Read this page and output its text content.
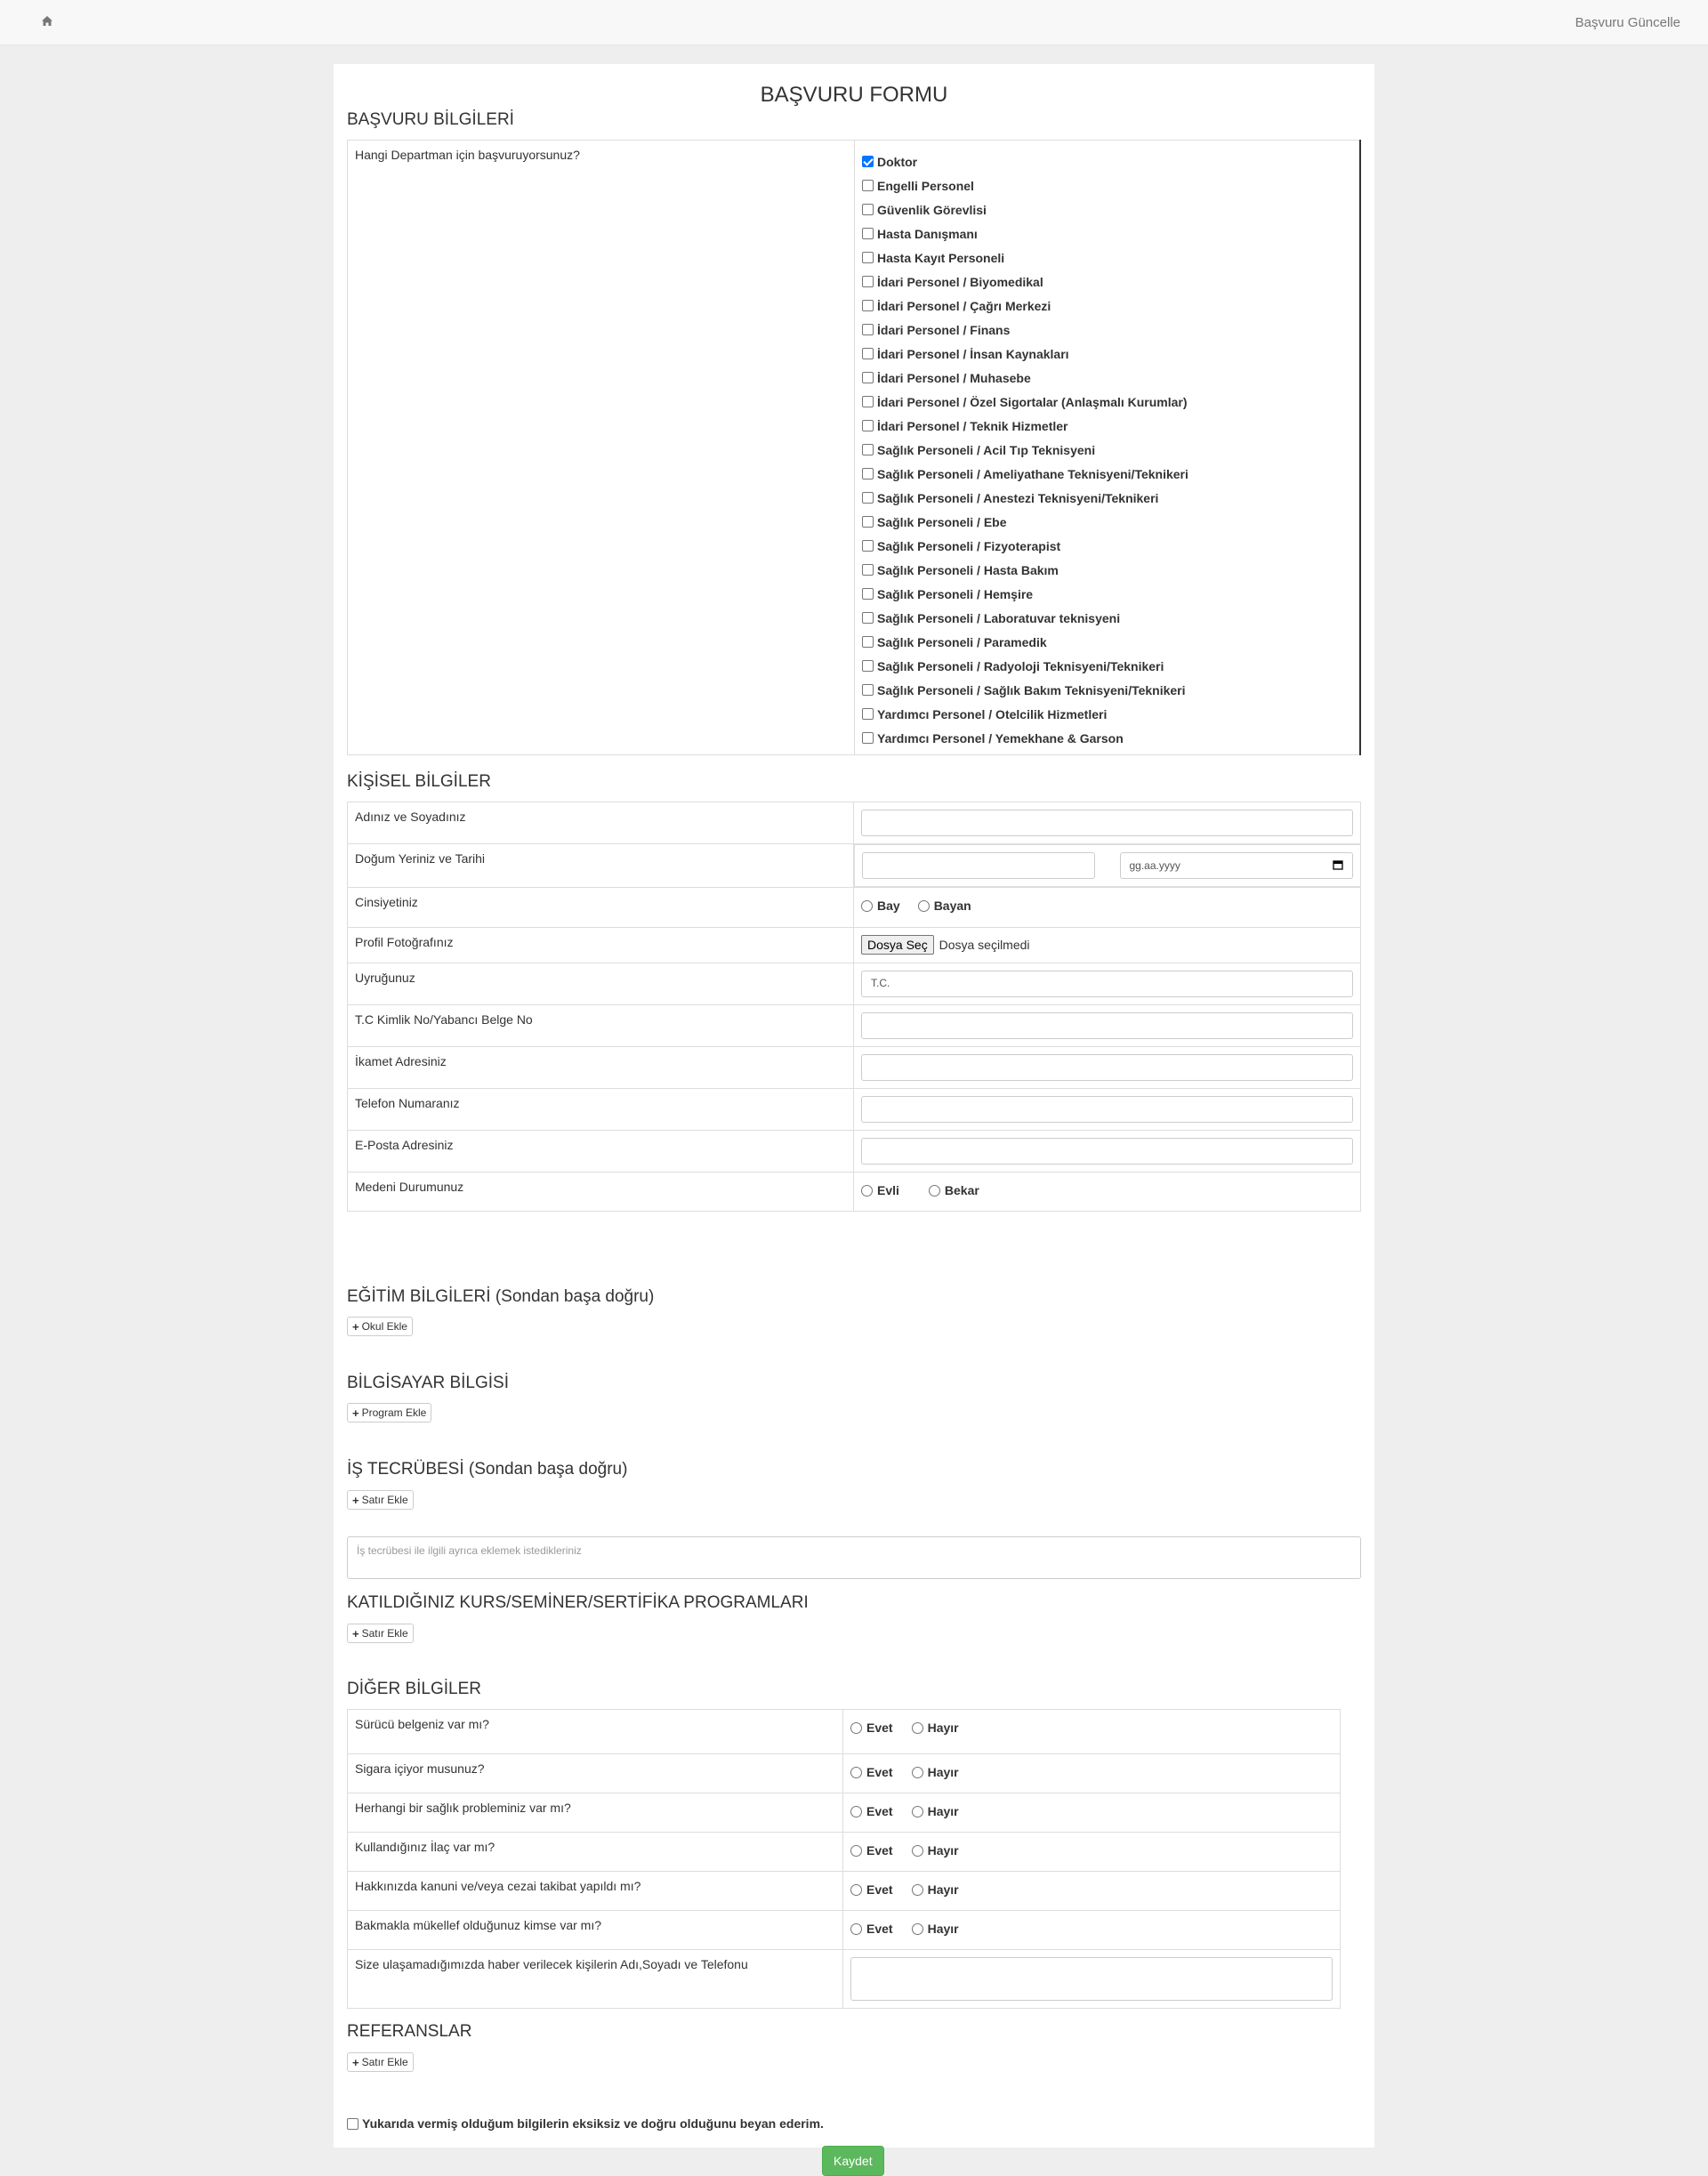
Başvuru Güncelle
BAŞVURU FORMU
BAŞVURU BİLGİLERİ
Hangi Departman için başvuruyorsunuz?	Doktor
Engelli Personel
Güvenlik Görevlisi
Hasta Danışmanı
Hasta Kayıt Personeli
İdari Personel / Biyomedikal
İdari Personel / Çağrı Merkezi
İdari Personel / Finans
İdari Personel / İnsan Kaynakları
İdari Personel / Muhasebe
İdari Personel / Özel Sigortalar (Anlaşmalı Kurumlar)
İdari Personel / Teknik Hizmetler
Sağlık Personeli / Acil Tıp Teknisyeni
Sağlık Personeli / Ameliyathane Teknisyeni/Teknikeri
Sağlık Personeli / Anestezi Teknisyeni/Teknikeri
Sağlık Personeli / Ebe
Sağlık Personeli / Fizyoterapist
Sağlık Personeli / Hasta Bakım
Sağlık Personeli / Hemşire
Sağlık Personeli / Laboratuvar teknisyeni
Sağlık Personeli / Paramedik
Sağlık Personeli / Radyoloji Teknisyeni/Teknikeri
Sağlık Personeli / Sağlık Bakım Teknisyeni/Teknikeri
Yardımcı Personel / Otelcilik Hizmetleri
Yardımcı Personel / Yemekhane & Garson
KİŞİSEL BİLGİLER
Adınız ve Soyadınız	

Doğum Yeriniz ve Tarihi		gg.aa.yyyy

Cinsiyetiniz	Bay Bayan

Profil Fotoğrafınız	Dosya Seç Dosya seçilmedi
Uyruğunuz	T.C.

T.C Kimlik No/Yabancı Belge No	

İkamet Adresiniz	

Telefon Numaranız	

E-Posta Adresiniz	

Medeni Durumunuz	Evli Bekar
EĞİTİM BİLGİLERİ (Sondan başa doğru)
+ Okul Ekle
BİLGİSAYAR BİLGİSİ
+ Program Ekle
İŞ TECRÜBESİ (Sondan başa doğru)
+ Satır Ekle
İş tecrübesi ile ilgili ayrıca eklemek istedikleriniz
KATILDIĞINIZ KURS/SEMİNER/SERTİFİKA PROGRAMLARI
+ Satır Ekle
DİĞER BİLGİLER
Sürücü belgeniz var mı?	Evet Hayır

Sigara içiyor musunuz?	Evet Hayır

Herhangi bir sağlık probleminiz var mı?	Evet Hayır

Kullandığınız İlaç var mı?	Evet Hayır

Hakkınızda kanuni ve/veya cezai takibat yapıldı mı?	Evet Hayır

Bakmakla mükellef olduğunuz kimse var mı?	Evet Hayır

Size ulaşamadığımızda haber verilecek kişilerin Adı,Soyadı ve Telefonu	
REFERANSLAR
+ Satır Ekle
Yukarıda vermiş olduğum bilgilerin eksiksiz ve doğru olduğunu beyan ederim.
Kaydet
